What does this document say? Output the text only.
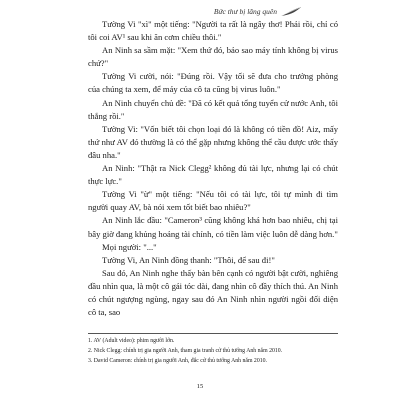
Bức thư bị lãng quên

Tường Vi "xì" một tiếng: "Người ta rất là ngây thơ! Phải rồi, chỉ có tôi coi AV¹ sau khi ăn cơm chiều thôi."

An Ninh sa sầm mặt: "Xem thứ đó, bảo sao máy tính không bị virus chứ?"

Tường Vi cười, nói: "Đúng rồi. Vậy tối sẽ đưa cho trưởng phòng của chúng ta xem, để máy của cô ta cũng bị virus luôn."

An Ninh chuyển chủ đề: "Đã có kết quả tổng tuyển cử nước Anh, tôi thắng rồi."

Tường Vi: "Vốn biết tôi chọn loại đó là không có tiền đồ! Aiz, mấy thứ như AV đó thường là có thể gặp nhưng không thể cầu được ước thấy đâu nha."

An Ninh: "Thật ra Nick Clegg² không đủ tài lực, nhưng lại có chút thực lực."

Tường Vi "ừ" một tiếng: "Nếu tôi có tài lực, tôi tự mình đi tìm người quay AV, bà nói xem tốt biết bao nhiêu?"

An Ninh lắc đầu: "Cameron³ cũng không khá hơn bao nhiêu, chị tại bây giờ đang khủng hoảng tài chính, có tiền làm việc luôn dễ dàng hơn."

Mọi người: "..."

Tường Vi, An Ninh đồng thanh: "Thôi, để sau đi!"

Sau đó, An Ninh nghe thấy bàn bên cạnh có người bật cười, nghiêng đầu nhìn qua, là một cô gái tóc dài, đang nhìn cô đầy thích thú. An Ninh có chút ngượng ngùng, ngay sau đó An Ninh nhìn người ngồi đối diện cô ta, sao

1. AV (Adult video): phim người lớn.

2. Nick Clegg: chính trị gia người Anh, tham gia tranh cử thủ tướng Anh năm 2010.

3. David Cameron: chính trị gia người Anh, đắc cử thủ tướng Anh năm 2010.

15
